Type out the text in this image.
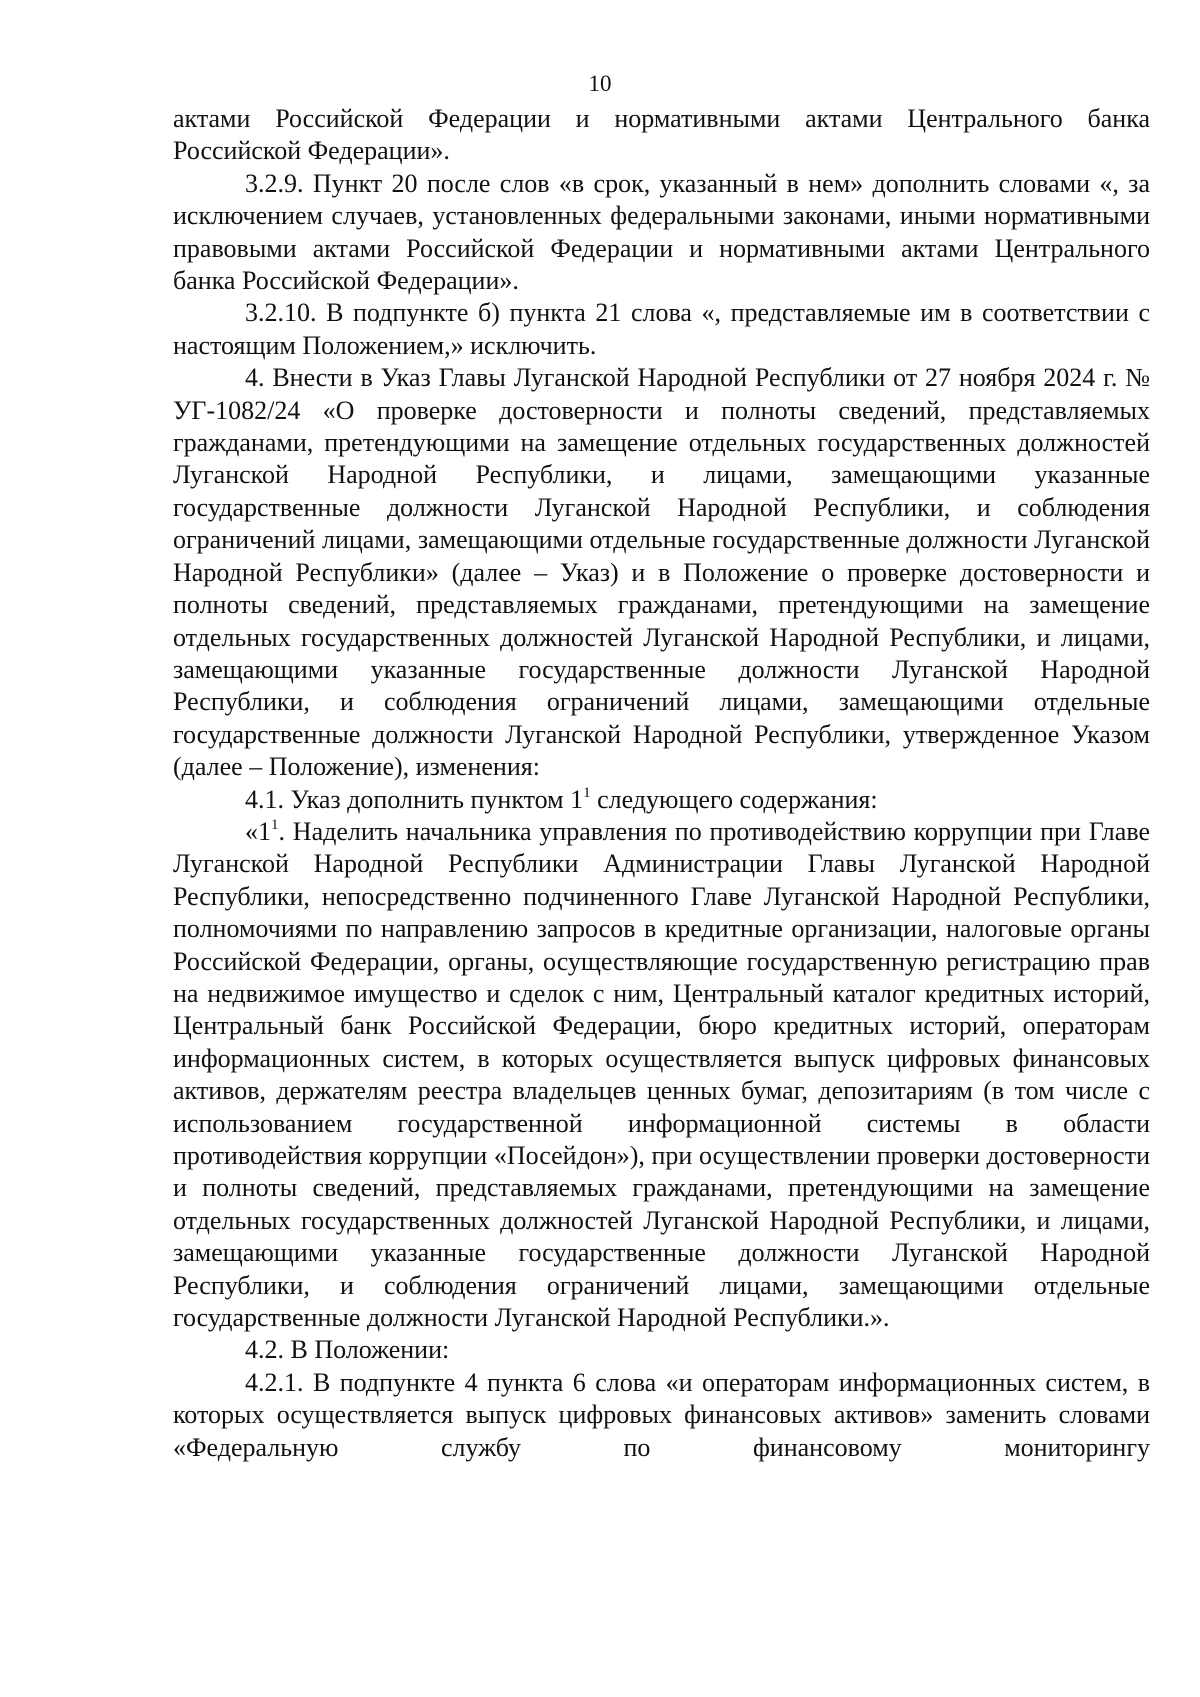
10

актами Российской Федерации и нормативными актами Центрального банка Российской Федерации».

3.2.9. Пункт 20 после слов «в срок, указанный в нем» дополнить словами «, за исключением случаев, установленных федеральными законами, иными нормативными правовыми актами Российской Федерации и нормативными актами Центрального банка Российской Федерации».

3.2.10. В подпункте б) пункта 21 слова «, представляемые им в соответствии с настоящим Положением,» исключить.

4. Внести в Указ Главы Луганской Народной Республики от 27 ноября 2024 г. № УГ-1082/24 «О проверке достоверности и полноты сведений, представляемых гражданами, претендующими на замещение отдельных государственных должностей Луганской Народной Республики, и лицами, замещающими указанные государственные должности Луганской Народной Республики, и соблюдения ограничений лицами, замещающими отдельные государственные должности Луганской Народной Республики» (далее – Указ) и в Положение о проверке достоверности и полноты сведений, представляемых гражданами, претендующими на замещение отдельных государственных должностей Луганской Народной Республики, и лицами, замещающими указанные государственные должности Луганской Народной Республики, и соблюдения ограничений лицами, замещающими отдельные государственные должности Луганской Народной Республики, утвержденное Указом (далее – Положение), изменения:

4.1. Указ дополнить пунктом $1^1$ следующего содержания:

«$1^1$. Наделить начальника управления по противодействию коррупции при Главе Луганской Народной Республики Администрации Главы Луганской Народной Республики, непосредственно подчиненного Главе Луганской Народной Республики, полномочиями по направлению запросов в кредитные организации, налоговые органы Российской Федерации, органы, осуществляющие государственную регистрацию прав на недвижимое имущество и сделок с ним, Центральный каталог кредитных историй, Центральный банк Российской Федерации, бюро кредитных историй, операторам информационных систем, в которых осуществляется выпуск цифровых финансовых активов, держателям реестра владельцев ценных бумаг, депозитариям (в том числе с использованием государственной информационной системы в области противодействия коррупции «Посейдон»), при осуществлении проверки достоверности и полноты сведений, представляемых гражданами, претендующими на замещение отдельных государственных должностей Луганской Народной Республики, и лицами, замещающими указанные государственные должности Луганской Народной Республики, и соблюдения ограничений лицами, замещающими отдельные государственные должности Луганской Народной Республики.».

4.2. В Положении:

4.2.1. В подпункте 4 пункта 6 слова «и операторам информационных систем, в которых осуществляется выпуск цифровых финансовых активов» заменить словами «Федеральную службу по финансовому мониторингу
